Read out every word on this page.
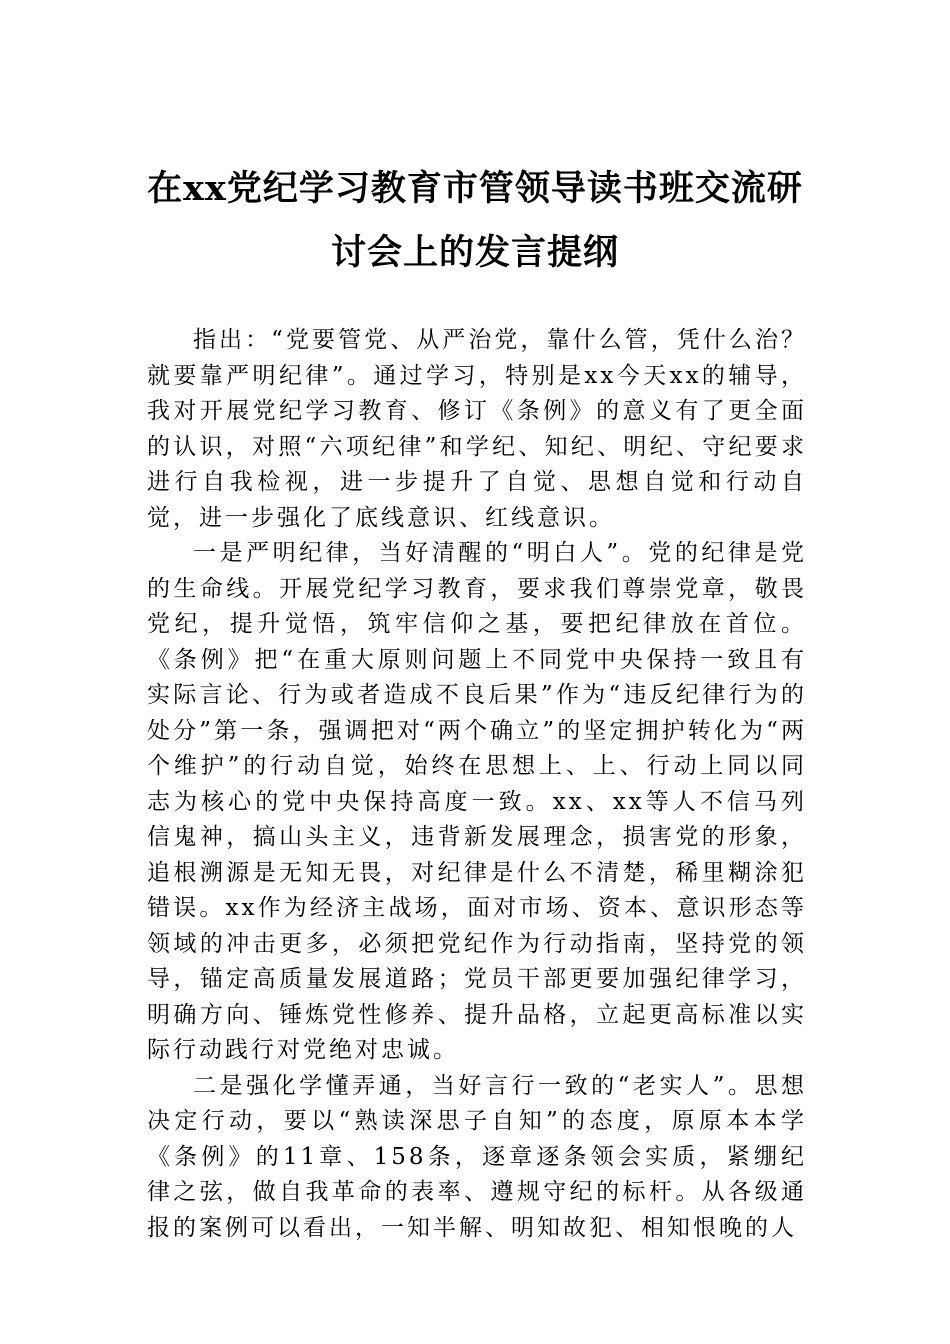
在xx党纪学习教育市管领导读书班交流研
讨会上的发言提纲

指出：“党要管党、从严治党，靠什么管，凭什么治？就要靠严明纪律”。通过学习，特别是xx今天xx的辅导，我对开展党纪学习教育、修订《条例》的意义有了更全面的认识，对照“六项纪律”和学纪、知纪、明纪、守纪要求进行自我检视，进一步提升了自觉、思想自觉和行动自觉，进一步强化了底线意识、红线意识。

一是严明纪律，当好清醒的“明白人”。党的纪律是党的生命线。开展党纪学习教育，要求我们尊崇党章，敬畏党纪，提升觉悟，筑牢信仰之基，要把纪律放在首位。《条例》把“在重大原则问题上不同党中央保持一致且有实际言论、行为或者造成不良后果”作为“违反纪律行为的处分”第一条，强调把对“两个确立”的坚定拥护转化为“两个维护”的行动自觉，始终在思想上、上、行动上同以同志为核心的党中央保持高度一致。xx、xx等人不信马列信鬼神，搞山头主义，违背新发展理念，损害党的形象，追根溯源是无知无畏，对纪律是什么不清楚，稀里糊涂犯错误。xx作为经济主战场，面对市场、资本、意识形态等领域的冲击更多，必须把党纪作为行动指南，坚持党的领导，锚定高质量发展道路；党员干部更要加强纪律学习，明确方向、锤炼党性修养、提升品格，立起更高标准以实际行动践行对党绝对忠诚。

二是强化学懂弄通，当好言行一致的“老实人”。思想决定行动，要以“熟读深思子自知”的态度，原原本本学《条例》的11章、158条，逐章逐条领会实质，紧绷纪律之弦，做自我革命的表率、遵规守纪的标杆。从各级通报的案例可以看出，一知半解、明知故犯、相知恨晚的人
